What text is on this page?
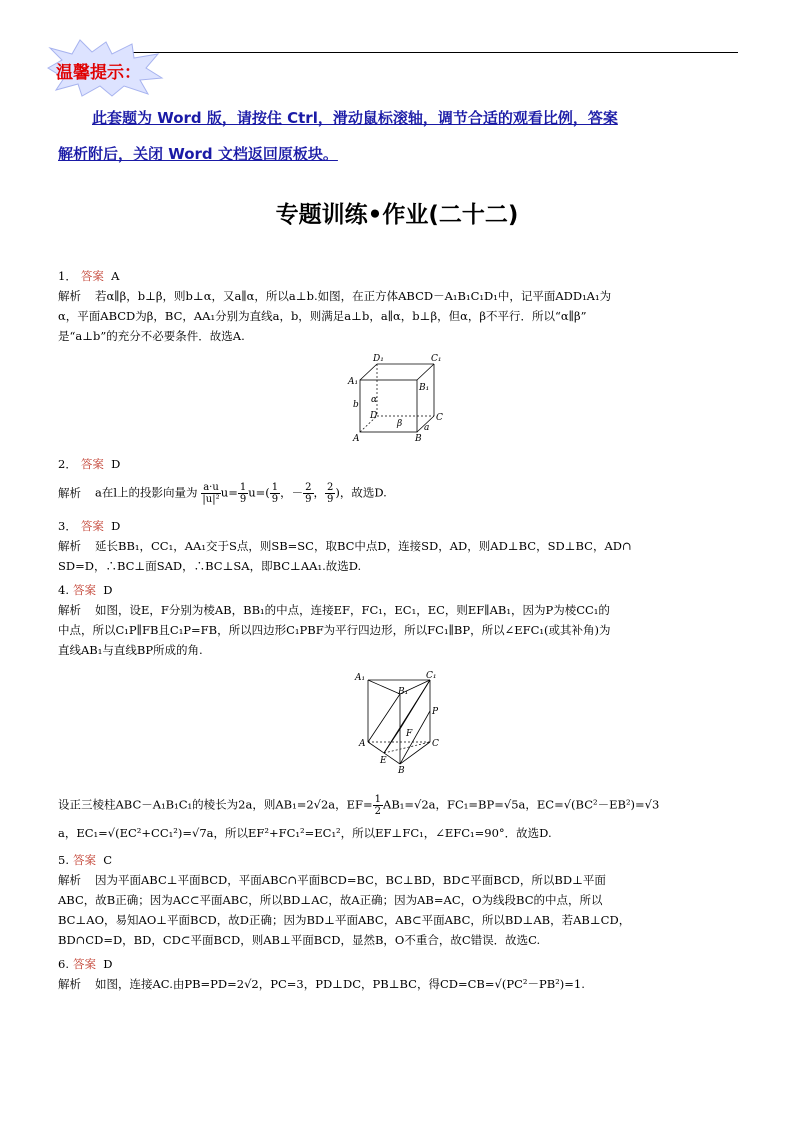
温馨提示：
此套题为 Word 版，请按住 Ctrl，滑动鼠标滚轴，调节合适的观看比例，答案
解析附后，关闭 Word 文档返回原板块。
专题训练•作业(二十二)
1． 答案 A
解析 若α∥β，b⊥β，则b⊥α，又a∥α，所以a⊥b.如图，在正方体ABCD－A₁B₁C₁D₁中，记平面ADD₁A₁为
α，平面ABCD为β，BC，AA₁分别为直线a，b，则满足a⊥b，a∥α，b⊥β，但α，β不平行．所以“α∥β”
是“a⊥b”的充分不必要条件．故选A.
D₁	C₁
A₁
B₁
b α
D	C
β a
A	B
2． 答案 D
解析 a在l上的投影向量为 $\frac{a\cdot u}{\text{|u|²}} u= \frac{1}{9} u=( \frac{1}{9}$ ，－ $\frac{2}{9}$ ， $\frac{2}{9}$ )，故选D.
3． 答案 D
解析 延长BB₁，CC₁，AA₁交于S点，则SB=SC，取BC中点D，连接SD，AD，则AD⊥BC，SD⊥BC，AD∩
SD=D，∴BC⊥面SAD，∴BC⊥SA，即BC⊥AA₁.故选D.
4. 答案 D
解析 如图，设E，F分别为棱AB，BB₁的中点，连接EF，FC₁，EC₁，EC，则EF∥AB₁，因为P为棱CC₁的
中点，所以C₁P∥FB且C₁P=FB，所以四边形C₁PBF为平行四边形，所以FC₁∥BP，所以∠EFC₁(或其补角)为
直线AB₁与直线BP所成的角.
A₁	C₁
B₁
P
F
A	C
E
B
设正三棱柱ABC－A₁B₁C₁的棱长为2a，则AB₁=2√2a，$EF= \frac{1}{2} AB_1=√2a$，FC₁=BP=√5a，EC=√(BC²－EB²)=√3
a，EC₁=√(EC²+CC₁²)=√7a，所以EF²+FC₁²=EC₁²，所以EF⊥FC₁，∠EFC₁=90°．故选D.
5. 答案 C
解析 因为平面ABC⊥平面BCD，平面ABC∩平面BCD=BC，BC⊥BD，BD⊂平面BCD，所以BD⊥平面
ABC，故B正确；因为AC⊂平面ABC，所以BD⊥AC，故A正确；因为AB=AC，O为线段BC的中点，所以
BC⊥AO，易知AO⊥平面BCD，故D正确；因为BD⊥平面ABC，AB⊂平面ABC，所以BD⊥AB，若AB⊥CD，
BD∩CD=D，BD，CD⊂平面BCD，则AB⊥平面BCD，显然B，O不重合，故C错误．故选C.
6. 答案 D
解析 如图，连接AC.由PB=PD=2√2，PC=3，PD⊥DC，PB⊥BC，得CD=CB=√(PC²－PB²)=1.
